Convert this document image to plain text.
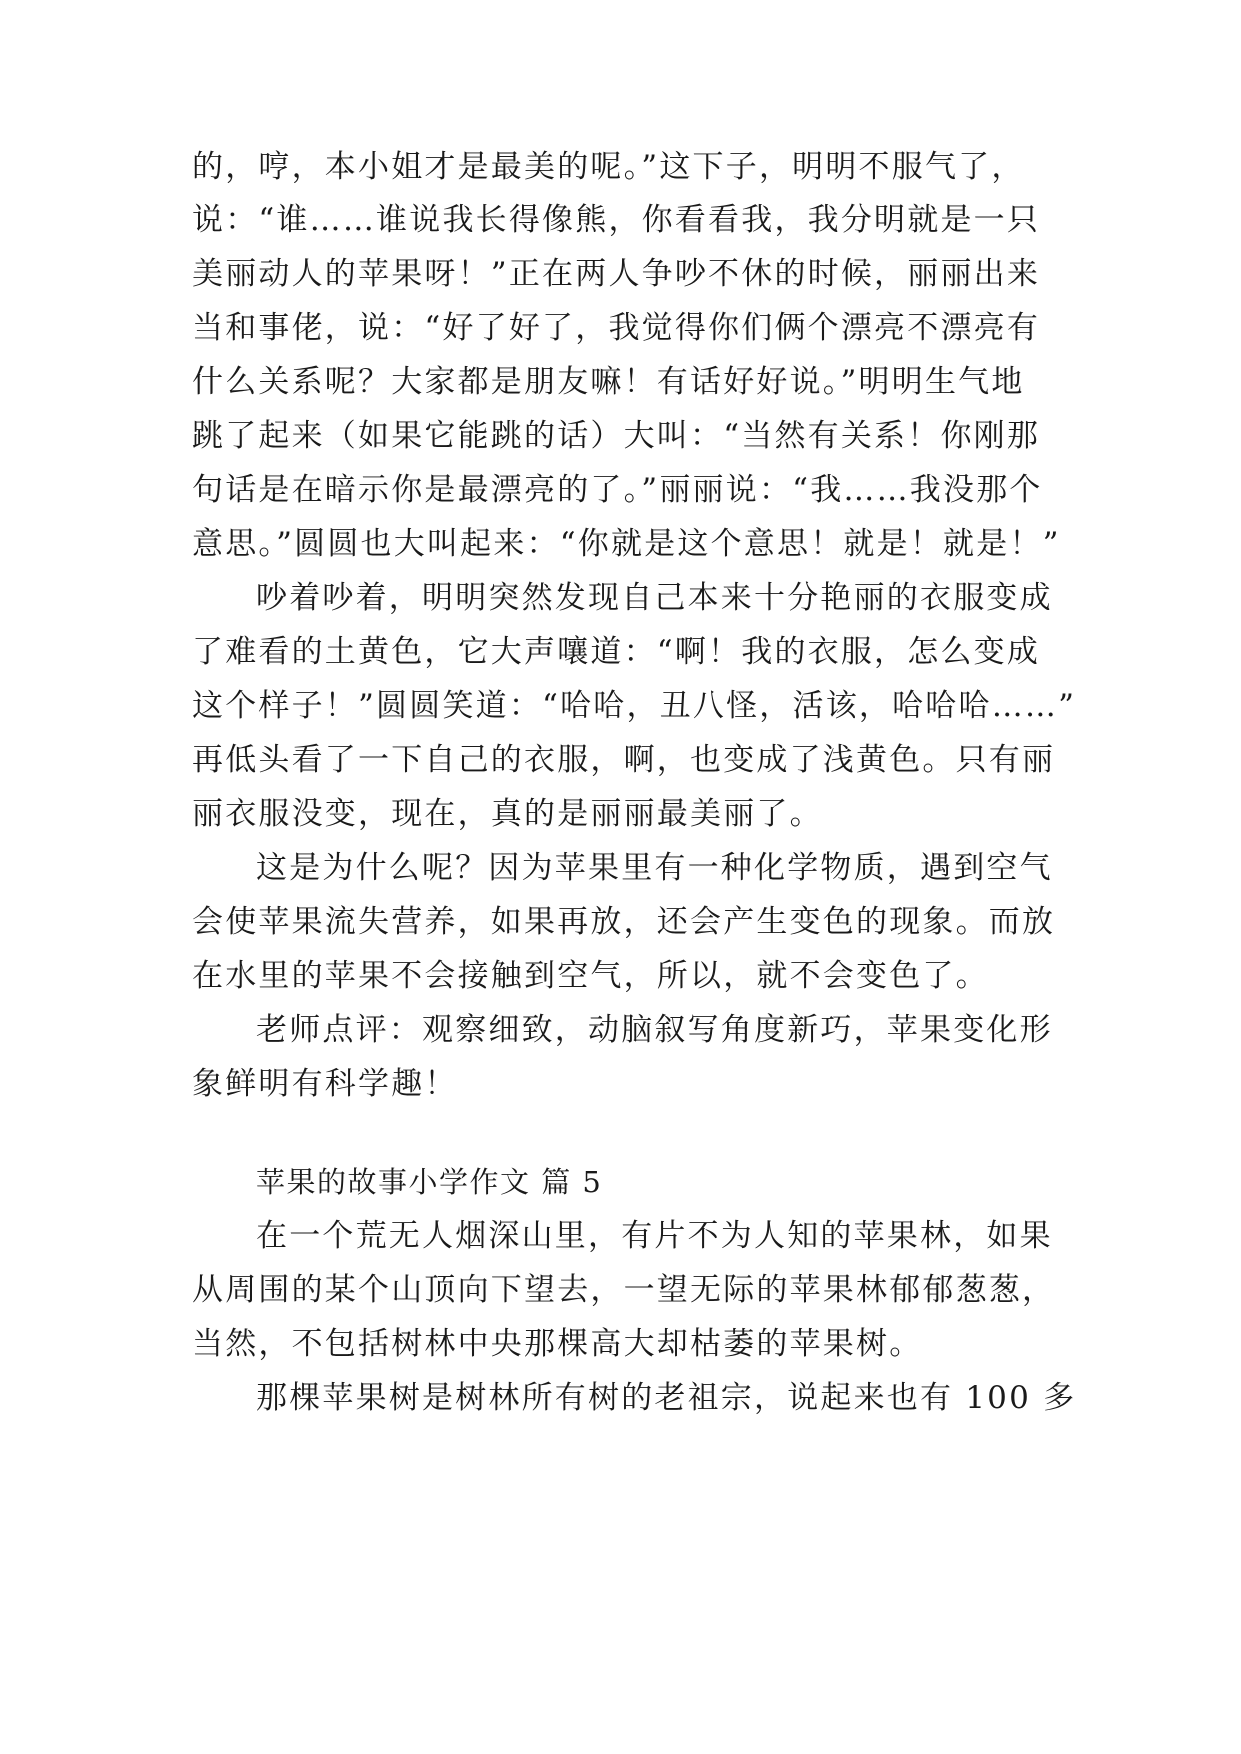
的，哼，本小姐才是最美的呢。”这下子，明明不服气了，
说：“谁……谁说我长得像熊，你看看我，我分明就是一只
美丽动人的苹果呀！”正在两人争吵不休的时候，丽丽出来
当和事佬，说：“好了好了，我觉得你们俩个漂亮不漂亮有
什么关系呢？大家都是朋友嘛！有话好好说。”明明生气地
跳了起来（如果它能跳的话）大叫：“当然有关系！你刚那
句话是在暗示你是最漂亮的了。”丽丽说：“我……我没那个
意思。”圆圆也大叫起来：“你就是这个意思！就是！就是！”
吵着吵着，明明突然发现自己本来十分艳丽的衣服变成
了难看的土黄色，它大声嚷道：“啊！我的衣服，怎么变成
这个样子！”圆圆笑道：“哈哈，丑八怪，活该，哈哈哈……”
再低头看了一下自己的衣服，啊，也变成了浅黄色。只有丽
丽衣服没变，现在，真的是丽丽最美丽了。
这是为什么呢？因为苹果里有一种化学物质，遇到空气
会使苹果流失营养，如果再放，还会产生变色的现象。而放
在水里的苹果不会接触到空气，所以，就不会变色了。
老师点评：观察细致，动脑叙写角度新巧，苹果变化形
象鲜明有科学趣！
苹果的故事小学作文 篇 5
在一个荒无人烟深山里，有片不为人知的苹果林，如果
从周围的某个山顶向下望去，一望无际的苹果林郁郁葱葱，
当然，不包括树林中央那棵高大却枯萎的苹果树。
那棵苹果树是树林所有树的老祖宗，说起来也有 100 多
